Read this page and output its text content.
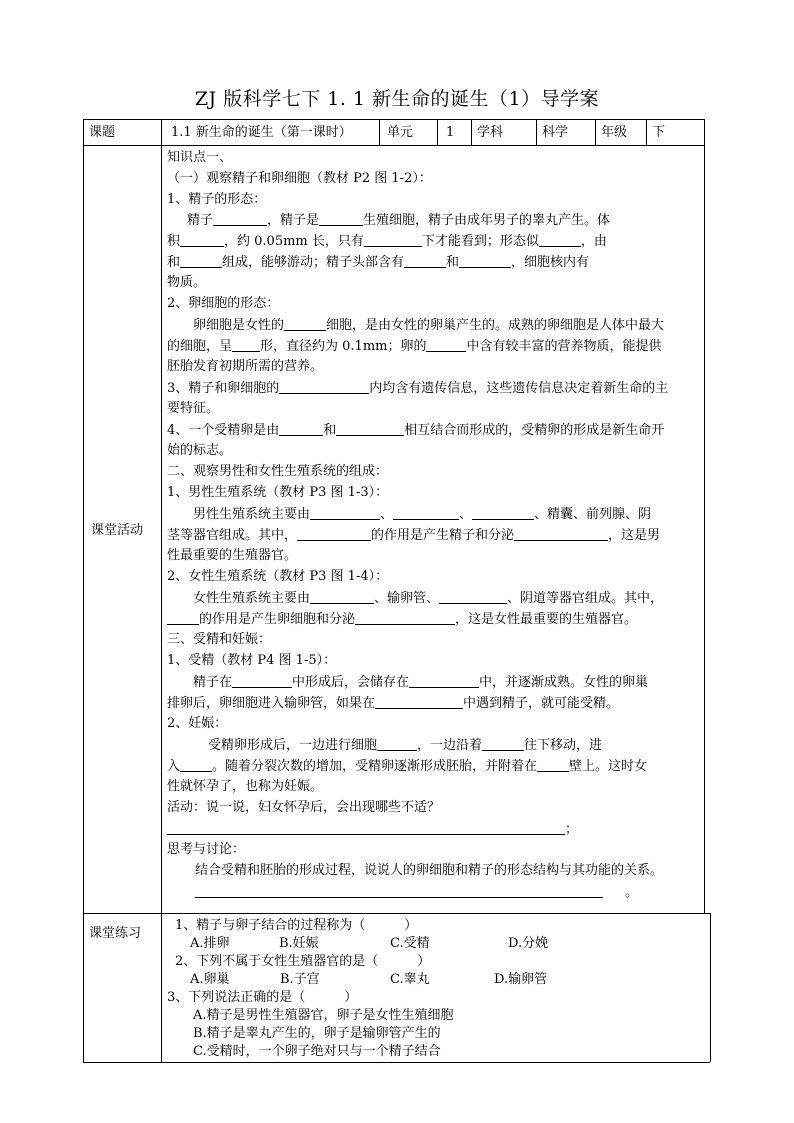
ZJ 版科学七下 1. 1 新生命的诞生（1）导学案
课题	1.1 新生命的诞生（第一课时）	单元	1 学科	科学	年级 下
课堂活动
知识点一、
（一）观察精子和卵细胞（教材 P2 图 1-2）：
1、精子的形态：
精子	，精子是	生殖细胞，精子由成年男子的睾丸产生。体
积	，约 0.05mm 长，只有	下才能看到；形态似	，由
和	组成，能够游动；精子头部含有	和	，细胞核内有
物质。
2、卵细胞的形态：
卵细胞是女性的	细胞，是由女性的卵巢产生的。成熟的卵细胞是人体中最大
的细胞，呈 形，直径约为 0.1mm；卵的	中含有较丰富的营养物质，能提供
胚胎发育初期所需的营养。
3、精子和卵细胞的	内均含有遗传信息，这些遗传信息决定着新生命的主
要特征。
4、一个受精卵是由	和	相互结合而形成的，受精卵的形成是新生命开
始的标志。
二、观察男性和女性生殖系统的组成：
1、男性生殖系统（教材 P3 图 1-3）：
男性生殖系统主要由	、	、	、精囊、前列腺、阴
茎等器官组成。其中，	的作用是产生精子和分泌	，这是男
性最重要的生殖器官。
2、女性生殖系统（教材 P3 图 1-4）：
女性生殖系统主要由	、输卵管、	、阴道等器官组成。其中，
的作用是产生卵细胞和分泌	，这是女性最重要的生殖器官。
三、受精和妊娠：
1、受精（教材 P4 图 1-5）：
精子在	中形成后，会储存在	中，并逐渐成熟。女性的卵巢
排卵后，卵细胞进入输卵管，如果在	中遇到精子，就可能受精。
2、妊娠：
受精卵形成后，一边进行细胞	，一边沿着	往下移动，进
入 。随着分裂次数的增加，受精卵逐渐形成胚胎，并附着在 壁上。这时女
性就怀孕了，也称为妊娠。
活动：说一说，妇女怀孕后，会出现哪些不适？
；
思考与讨论：
结合受精和胚胎的形成过程，说说人的卵细胞和精子的形态结构与其功能的关系。
。
课堂练习
1、精子与卵子结合的过程称为（　　　）
A.排卵	B.妊娠	C.受精	D.分娩
2、下列不属于女性生殖器官的是（　　　）
A.卵巢	B.子宫	C.睾丸	D.输卵管
3、下列说法正确的是（　　　）
A.精子是男性生殖器官，卵子是女性生殖细胞
B.精子是睾丸产生的，卵子是输卵管产生的
C.受精时，一个卵子绝对只与一个精子结合
